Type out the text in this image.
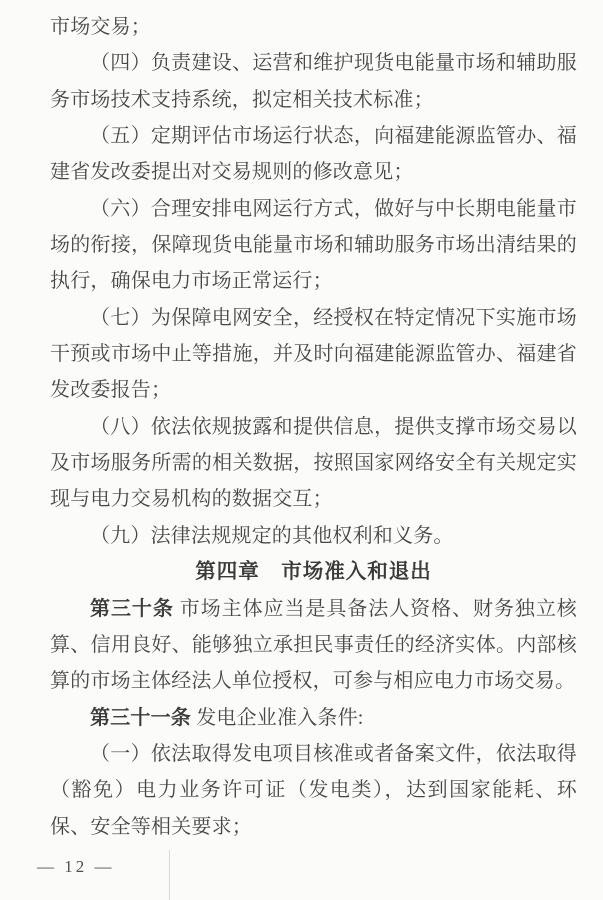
市场交易；

（四）负责建设、运营和维护现货电能量市场和辅助服务市场技术支持系统，拟定相关技术标准；

（五）定期评估市场运行状态，向福建能源监管办、福建省发改委提出对交易规则的修改意见；

（六）合理安排电网运行方式，做好与中长期电能量市场的衔接，保障现货电能量市场和辅助服务市场出清结果的执行，确保电力市场正常运行；

（七）为保障电网安全，经授权在特定情况下实施市场干预或市场中止等措施，并及时向福建能源监管办、福建省发改委报告；

（八）依法依规披露和提供信息，提供支撑市场交易以及市场服务所需的相关数据，按照国家网络安全有关规定实现与电力交易机构的数据交互；

（九）法律法规规定的其他权利和义务。

第四章　市场准入和退出

第三十条 市场主体应当是具备法人资格、财务独立核算、信用良好、能够独立承担民事责任的经济实体。内部核算的市场主体经法人单位授权，可参与相应电力市场交易。

第三十一条 发电企业准入条件:

（一）依法取得发电项目核准或者备案文件，依法取得（豁免）电力业务许可证（发电类），达到国家能耗、环保、安全等相关要求；

— 12 —
